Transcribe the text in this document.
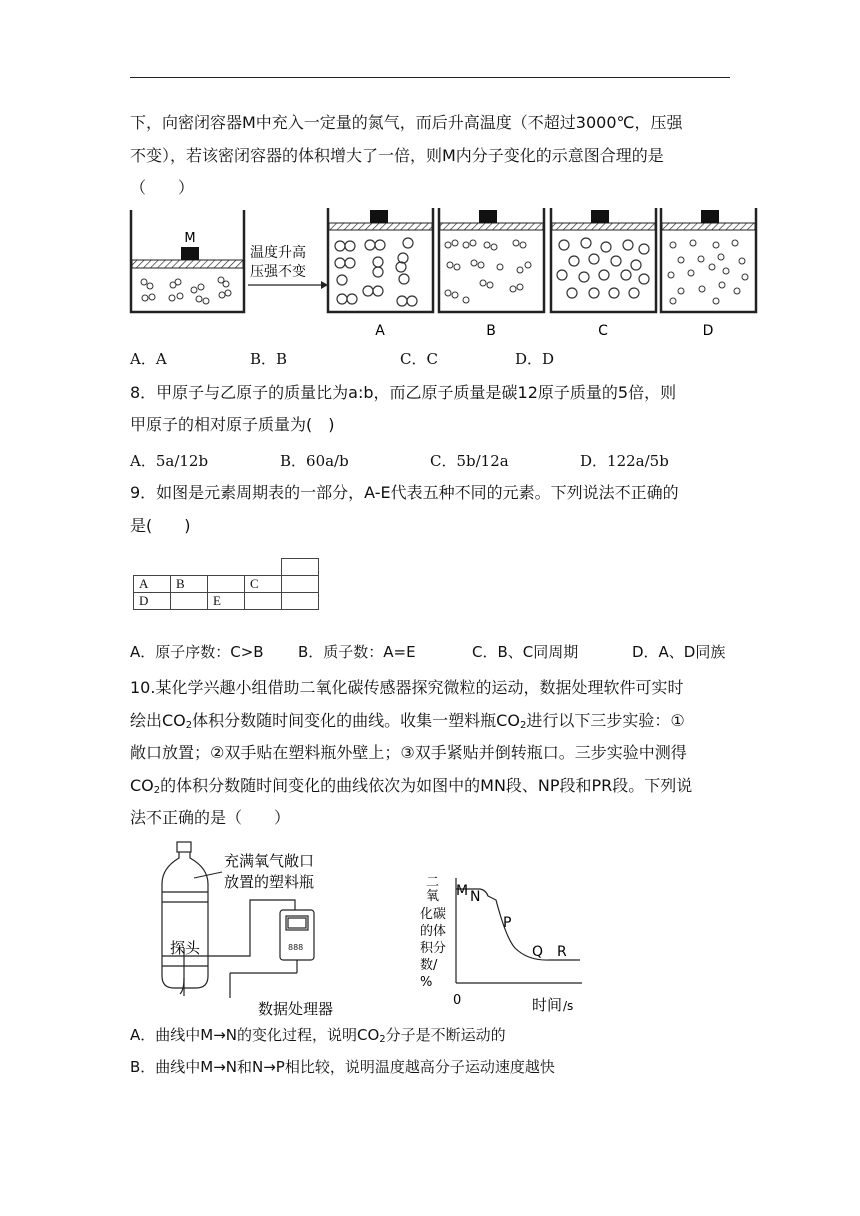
下，向密闭容器M中充入一定量的氮气，而后升高温度（不超过3000℃，压强
不变），若该密闭容器的体积增大了一倍，则M内分子变化的示意图合理的是
（　　）
M
温度升高
压强不变
A	B	C	D
A．A	B．B	C．C	D．D
8．甲原子与乙原子的质量比为a:b，而乙原子质量是碳12原子质量的5倍，则
甲原子的相对原子质量为(　)
A．5a/12b	B．60a/b	C．5b/12a	D．122a/5b
9．如图是元素周期表的一部分，A-E代表五种不同的元素。下列说法不正确的
是(　　)

A	B		C	
D		E		
A．原子序数：C>B B．质子数：A=E	C．B、C同周期	D．A、D同族
10.某化学兴趣小组借助二氧化碳传感器探究微粒的运动，数据处理软件可实时
绘出$CO_2$体积分数随时间变化的曲线。收集一塑料瓶$CO_2$进行以下三步实验：①
敞口放置；②双手贴在塑料瓶外壁上；③双手紧贴并倒转瓶口。三步实验中测得
$CO_2$的体积分数随时间变化的曲线依次为如图中的MN段、NP段和PR段。下列说
法不正确的是（　　）
探头
充满氧气敞口
放置的塑料瓶
888
数据处理器
二
氧
化碳
的体
积分
数/
%
M N
P
Q R
0	时间 /s
A．曲线中M→N的变化过程，说明$CO_2$分子是不断运动的
B．曲线中M→N和N→P相比较，说明温度越高分子运动速度越快
